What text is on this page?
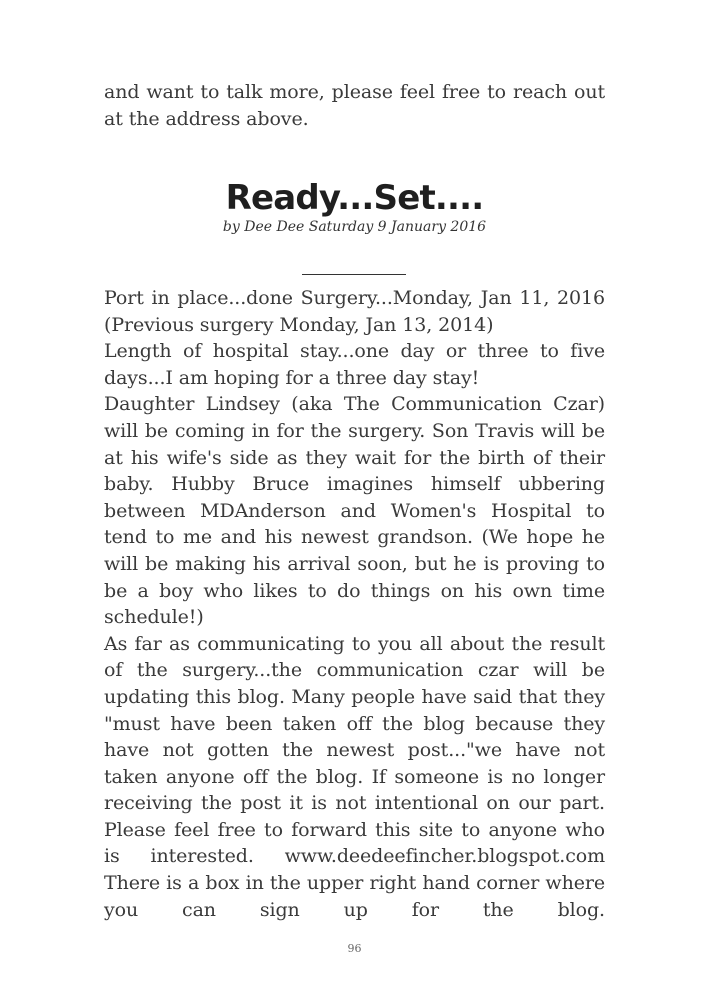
and want to talk more, please feel free to reach out at the address above.

Ready...Set....
by Dee Dee Saturday 9 January 2016

Port in place...done Surgery...Monday, Jan 11, 2016 (Previous surgery Monday, Jan 13, 2014)

Length of hospital stay...one day or three to five days...I am hoping for a three day stay!

Daughter Lindsey (aka The Communication Czar) will be coming in for the surgery. Son Travis will be at his wife's side as they wait for the birth of their baby. Hubby Bruce imagines himself ubbering between MDAnderson and Women's Hospital to tend to me and his newest grandson. (We hope he will be making his arrival soon, but he is proving to be a boy who likes to do things on his own time schedule!)

As far as communicating to you all about the result of the surgery...the communication czar will be updating this blog. Many people have said that they "must have been taken off the blog because they have not gotten the newest post..."we have not taken anyone off the blog. If someone is no longer receiving the post it is not intentional on our part. Please feel free to forward this site to anyone who is interested. www.deedeefincher.blogspot.com There is a box in the upper right hand corner where you can sign up for the blog.

96
